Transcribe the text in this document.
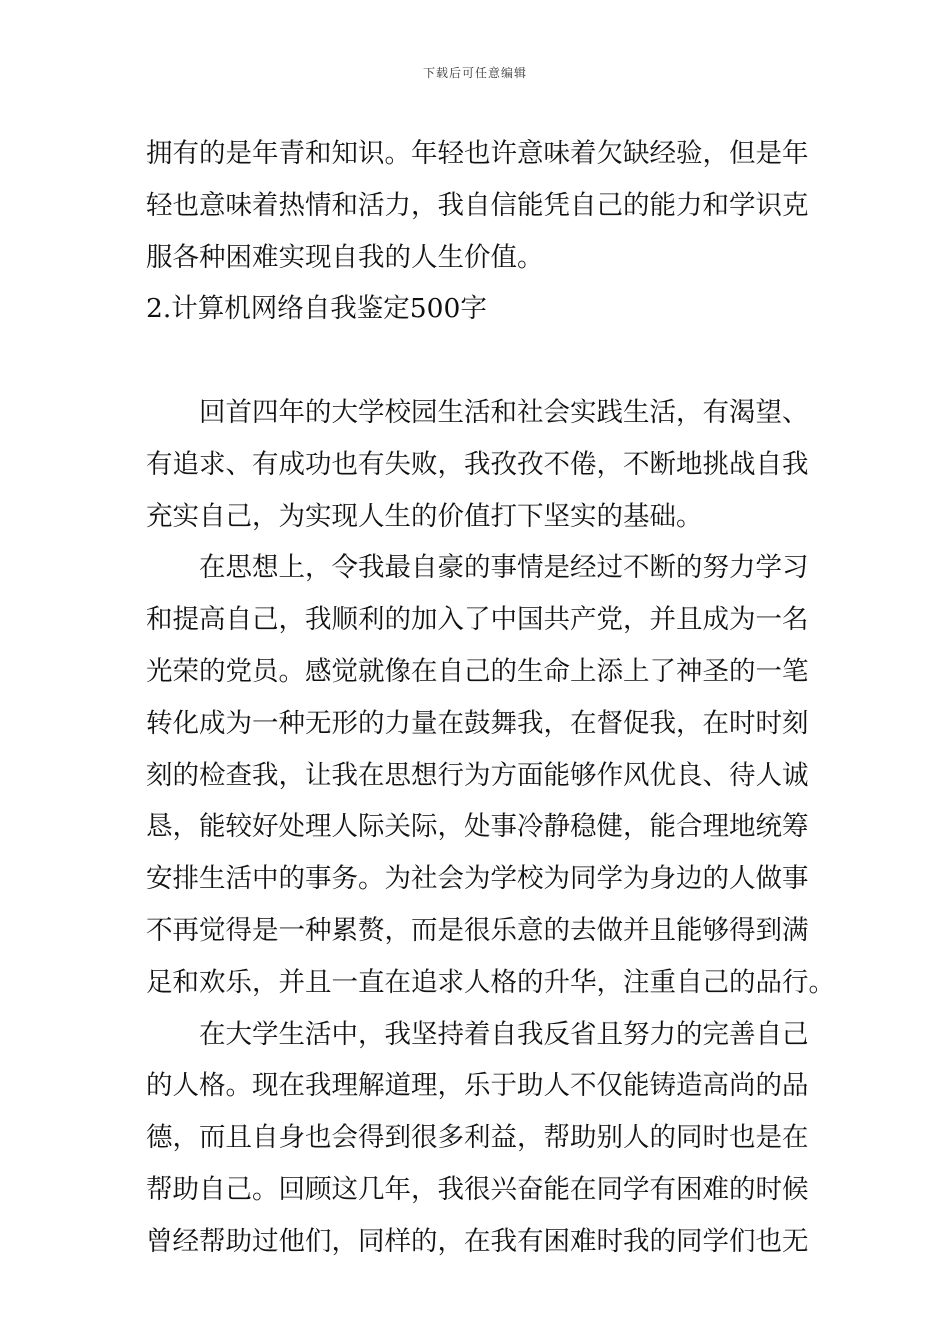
下载后可任意编辑
拥有的是年青和知识。年轻也许意味着欠缺经验，但是年
轻也意味着热情和活力，我自信能凭自己的能力和学识克
服各种困难实现自我的人生价值。
2.计算机网络自我鉴定500字
回首四年的大学校园生活和社会实践生活，有渴望、
有追求、有成功也有失败，我孜孜不倦，不断地挑战自我
充实自己，为实现人生的价值打下坚实的基础。
在思想上，令我最自豪的事情是经过不断的努力学习
和提高自己，我顺利的加入了中国共产党，并且成为一名
光荣的党员。感觉就像在自己的生命上添上了神圣的一笔
转化成为一种无形的力量在鼓舞我，在督促我，在时时刻
刻的检查我，让我在思想行为方面能够作风优良、待人诚
恳，能较好处理人际关际，处事冷静稳健，能合理地统筹
安排生活中的事务。为社会为学校为同学为身边的人做事
不再觉得是一种累赘，而是很乐意的去做并且能够得到满
足和欢乐，并且一直在追求人格的升华，注重自己的品行。
在大学生活中，我坚持着自我反省且努力的完善自己
的人格。现在我理解道理，乐于助人不仅能铸造高尚的品
德，而且自身也会得到很多利益，帮助别人的同时也是在
帮助自己。回顾这几年，我很兴奋能在同学有困难的时候
曾经帮助过他们，同样的，在我有困难时我的同学们也无
